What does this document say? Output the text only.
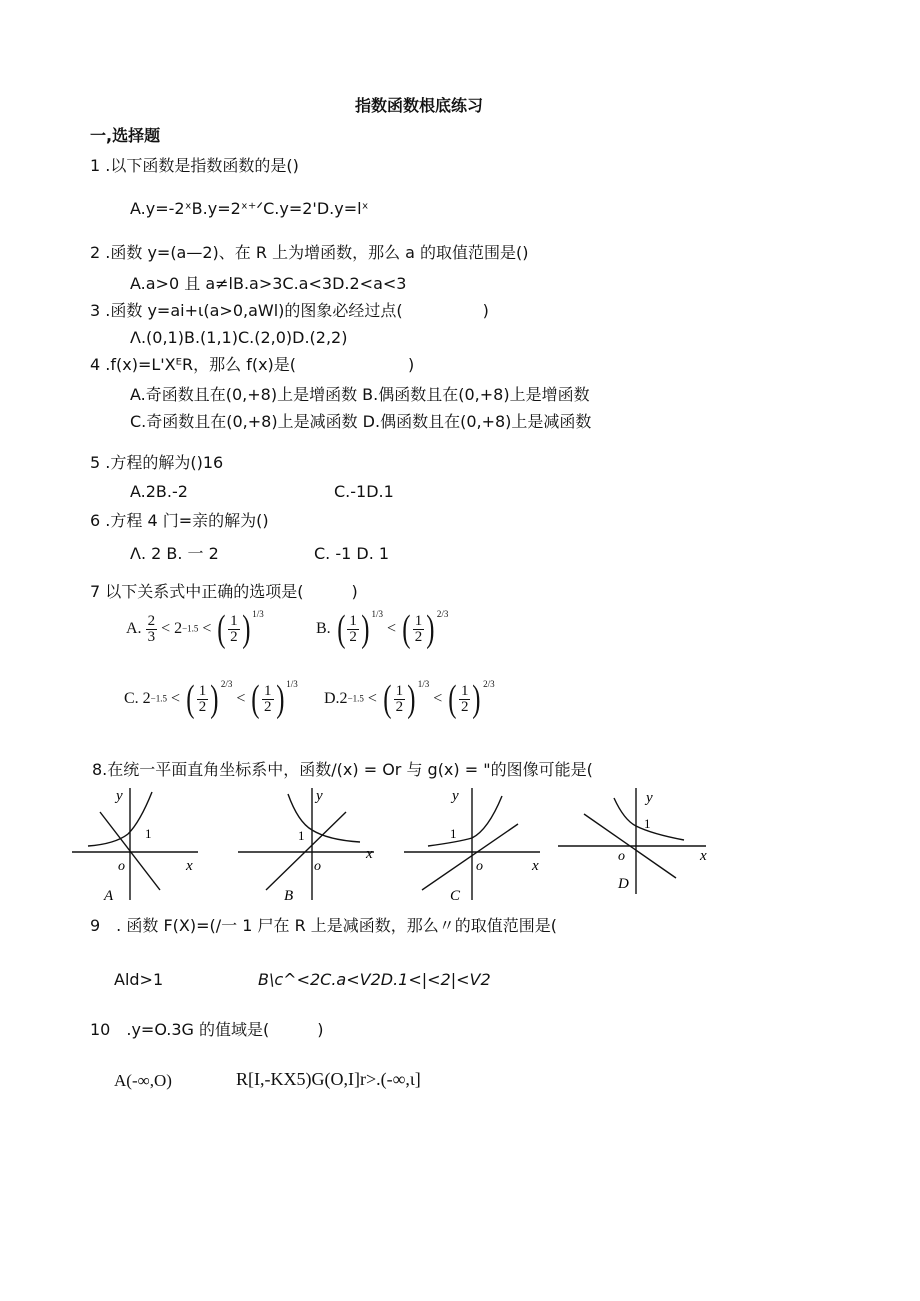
指数函数根底练习
一,选择题
1 .以下函数是指数函数的是()
A.y=-2ˣB.y=2ˣ⁺ᐟC.y=2'D.y=lˣ
2 .函数 y=(a—2)、在 R 上为增函数，那么 a 的取值范围是()
A.a>0 且 a≠lB.a>3C.a<3D.2<a<3
3 .函数 y=ai+ι(a>0,aWl)的图象必经过点(　　　　　)
Λ.(0,1)B.(1,1)C.(2,0)D.(2,2)
4 .f(x)=L'XᴱR，那么 f(x)是(　　　　　　　)
A.奇函数且在(0,+8)上是增函数 B.偶函数且在(0,+8)上是增函数
C.奇函数且在(0,+8)上是减函数 D.偶函数且在(0,+8)上是减函数
5 .方程的解为()16
A.2B.-2	C.-1D.1
6 .方程 4 门=亲的解为()
Λ. 2 B. 一 2	C. -1 D. 1
7 以下关系式中正确的选项是(　　　)
A. $\frac{2}{3} < 2-1.5$ < ( $\frac{1}{2}$ ) $^{1/3}$
B. ( $\frac{1}{2}$ ) $^{1/3}$ < ( $\frac{1}{2}$ ) $^{2/3}$
C. 2−1.5 < ( $\frac{1}{2}$ ) $^{2/3}$ < ( $\frac{1}{2}$ ) $^{1/3}$
D.2−1.5 < ( $\frac{1}{2}$ ) $^{1/3}$ < ( $\frac{1}{2}$ ) $^{2/3}$
8.在统一平面直角坐标系中，函数/(x) = Or 与 g(x) = "的图像可能是(
y
x
o
1
A
y
x
o
1
B
y
x
o
1
C
y
x
o
1
D
9　. 函数 F(X)=(/一 1 尸在 R 上是减函数，那么〃的取值范围是(
Ald>1	B\c^<2C.a<V2D.1<|<2|<V2
10　.y=O.3G 的值域是(　　　)
A(-∞,O)	R[I,-KX5)G(O,I]r>.(-∞,ι]
